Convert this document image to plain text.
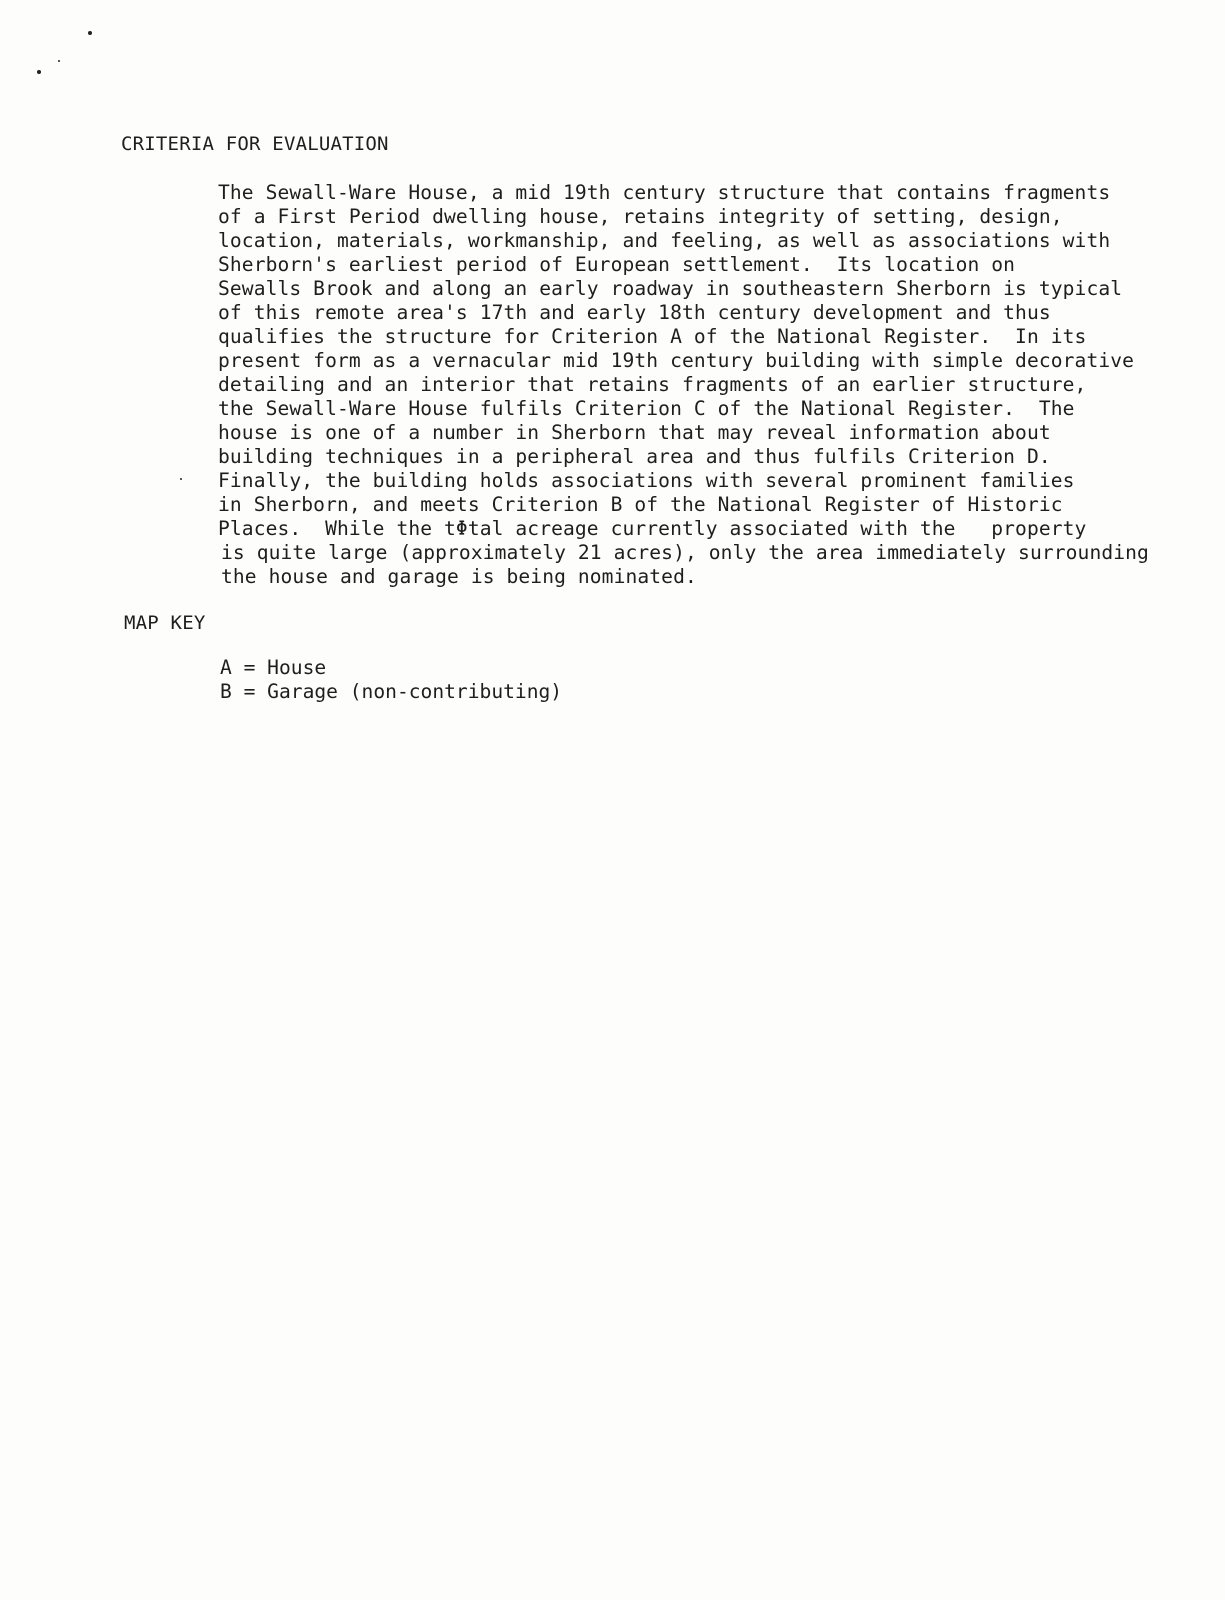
CRITERIA FOR EVALUATION
The Sewall-Ware House, a mid 19th century structure that contains fragments
of a First Period dwelling house, retains integrity of setting, design,
location, materials, workmanship, and feeling, as well as associations with
Sherborn's earliest period of European settlement.  Its location on
Sewalls Brook and along an early roadway in southeastern Sherborn is typical
of this remote area's 17th and early 18th century development and thus
qualifies the structure for Criterion A of the National Register.  In its
present form as a vernacular mid 19th century building with simple decorative
detailing and an interior that retains fragments of an earlier structure,
the Sewall-Ware House fulfils Criterion C of the National Register.  The
house is one of a number in Sherborn that may reveal information about
building techniques in a peripheral area and thus fulfils Criterion D.
Finally, the building holds associations with several prominent families
in Sherborn, and meets Criterion B of the National Register of Historic
Places.  While the tΦtal acreage currently associated with the   property
is quite large (approximately 21 acres), only the area immediately surrounding
the house and garage is being nominated.
MAP KEY
A = House
B = Garage (non-contributing)
